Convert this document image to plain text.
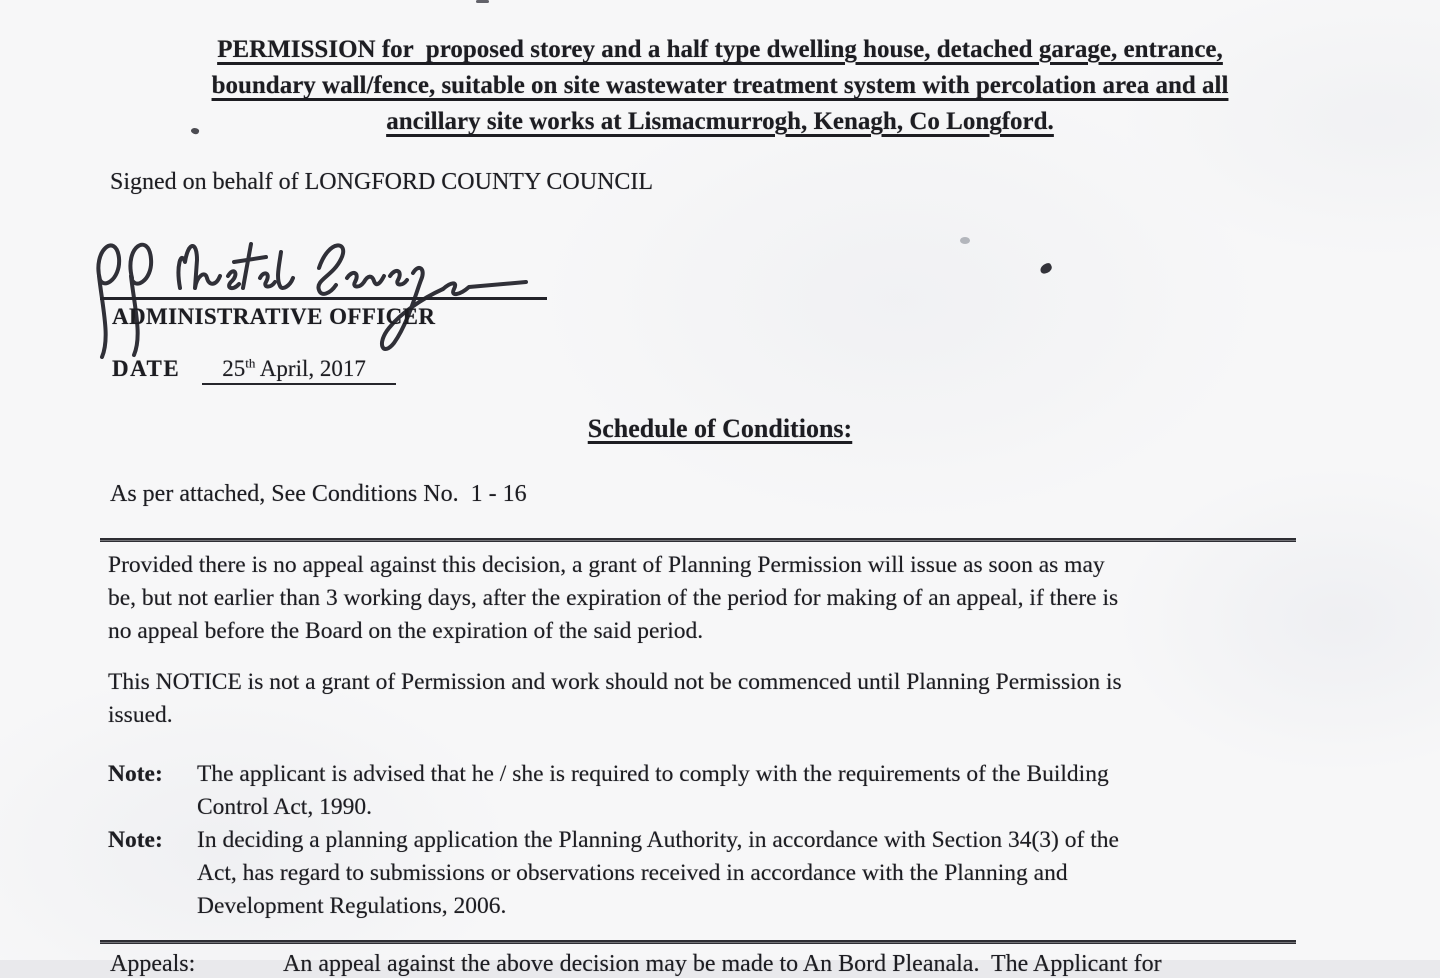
PERMISSION for  proposed storey and a half type dwelling house, detached garage, entrance,
boundary wall/fence, suitable on site wastewater treatment system with percolation area and all
ancillary site works at Lismacmurrogh, Kenagh, Co Longford.
Signed on behalf of LONGFORD COUNTY COUNCIL
ADMINISTRATIVE OFFICER
DATE 25th April, 2017
Schedule of Conditions:
As per attached, See Conditions No.  1 - 16
Provided there is no appeal against this decision, a grant of Planning Permission will issue as soon as may
be, but not earlier than 3 working days, after the expiration of the period for making of an appeal, if there is
no appeal before the Board on the expiration of the said period.
This NOTICE is not a grant of Permission and work should not be commenced until Planning Permission is
issued.
Note:	The applicant is advised that he / she is required to comply with the requirements of the Building
Control Act, 1990.
Note:	In deciding a planning application the Planning Authority, in accordance with Section 34(3) of the
Act, has regard to submissions or observations received in accordance with the Planning and
Development Regulations, 2006.
Appeals:	An appeal against the above decision may be made to An Bord Pleanala.  The Applicant for
